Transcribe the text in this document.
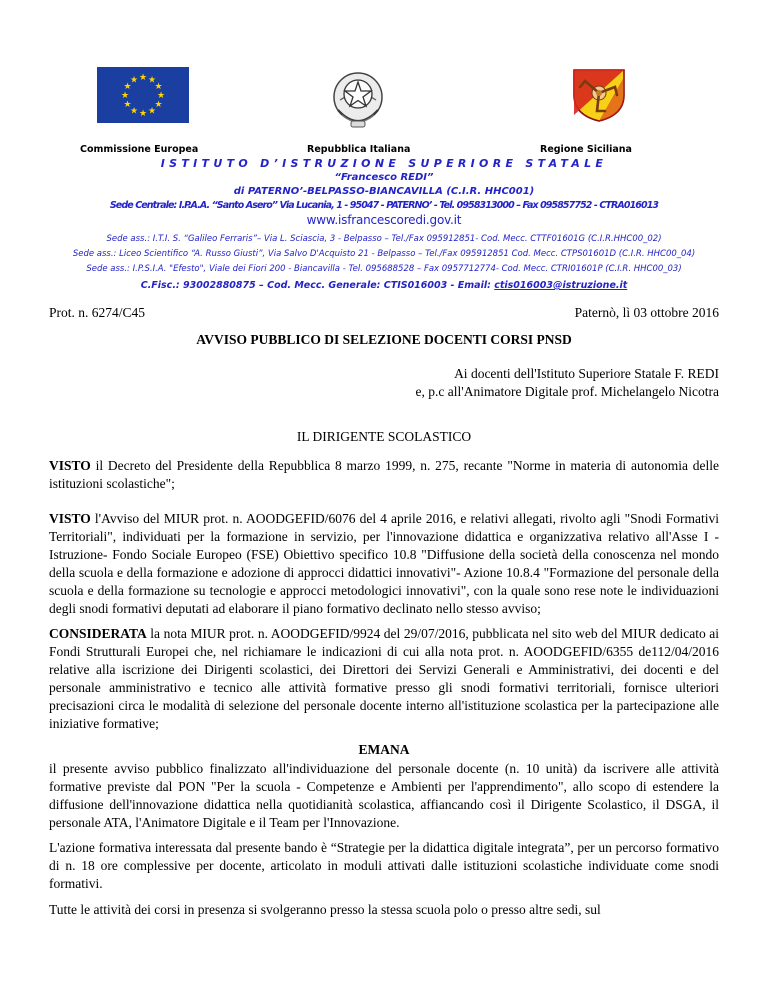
★ ★
★
★
★
★
★
★
★
★
★
★
Commissione Europea	Repubblica Italiana	Regione Siciliana
ISTITUTO D’ISTRUZIONE SUPERIORE STATALE
“Francesco REDI”
di PATERNO’-BELPASSO-BIANCAVILLA (C.I.R. HHC001)
Sede Centrale: I.P.A.A. “Santo Asero” Via Lucania, 1 - 95047 - PATERNO’ - Tel. 0958313000 – Fax 095857752 - CTRA016013
www.isfrancescoredi.gov.it
Sede ass.: I.T.I. S. “Galileo Ferraris”– Via L. Sciascia, 3 - Belpasso – Tel./Fax 095912851- Cod. Mecc. CTTF01601G (C.I.R.HHC00_02)
Sede ass.: Liceo Scientifico “A. Russo Giusti”, Via Salvo D'Acquisto 21 - Belpasso – Tel./Fax 095912851 Cod. Mecc. CTPS01601D (C.I.R. HHC00_04)
Sede ass.: I.P.S.I.A. "Efesto", Viale dei Fiori 200 - Biancavilla - Tel. 095688528 – Fax 0957712774- Cod. Mecc. CTRI01601P (C.I.R. HHC00_03)
C.Fisc.: 93002880875 – Cod. Mecc. Generale: CTIS016003 - Email: ctis016003@istruzione.it
Prot. n. 6274/C45	Paternò, lì 03 ottobre 2016
AVVISO PUBBLICO DI SELEZIONE DOCENTI CORSI PNSD
Ai docenti dell'Istituto Superiore Statale F. REDI
e, p.c all'Animatore Digitale prof. Michelangelo Nicotra
IL DIRIGENTE SCOLASTICO
VISTO il Decreto del Presidente della Repubblica 8 marzo 1999, n. 275, recante "Norme in materia di autonomia delle istituzioni scolastiche";
VISTO l'Avviso del MIUR prot. n. AOODGEFID/6076 del 4 aprile 2016, e relativi allegati, rivolto agli "Snodi Formativi Territoriali", individuati per la formazione in servizio, per l'innovazione didattica e organizzativa relativo all'Asse I - Istruzione- Fondo Sociale Europeo (FSE) Obiettivo specifico 10.8 "Diffusione della società della conoscenza nel mondo della scuola e della formazione e adozione di approcci didattici innovativi"- Azione 10.8.4 "Formazione del personale della scuola e della formazione su tecnologie e approcci metodologici innovativi", con la quale sono rese note le individuazioni degli snodi formativi deputati ad elaborare il piano formativo declinato nello stesso avviso;
CONSIDERATA la nota MIUR prot. n. AOODGEFID/9924 del 29/07/2016, pubblicata nel sito web del MIUR dedicato ai Fondi Strutturali Europei che, nel richiamare le indicazioni di cui alla nota prot. n. AOODGEFID/6355 de112/04/2016 relative alla iscrizione dei Dirigenti scolastici, dei Direttori dei Servizi Generali e Amministrativi, dei docenti e del personale amministrativo e tecnico alle attività formative presso gli snodi formativi territoriali, fornisce ulteriori precisazioni circa le modalità di selezione del personale docente interno all'istituzione scolastica per la partecipazione alle iniziative formative;
EMANA
il presente avviso pubblico finalizzato all'individuazione del personale docente (n. 10 unità) da iscrivere alle attività formative previste dal PON "Per la scuola - Competenze e Ambienti per l'apprendimento", allo scopo di estendere la diffusione dell'innovazione didattica nella quotidianità scolastica, affiancando così il Dirigente Scolastico, il DSGA, il personale ATA, l'Animatore Digitale e il Team per l'Innovazione.
L'azione formativa interessata dal presente bando è “Strategie per la didattica digitale integrata”, per un percorso formativo di n. 18 ore complessive per docente, articolato in moduli attivati dalle istituzioni scolastiche individuate come snodi formativi.
Tutte le attività dei corsi in presenza si svolgeranno presso la stessa scuola polo o presso altre sedi, sul
